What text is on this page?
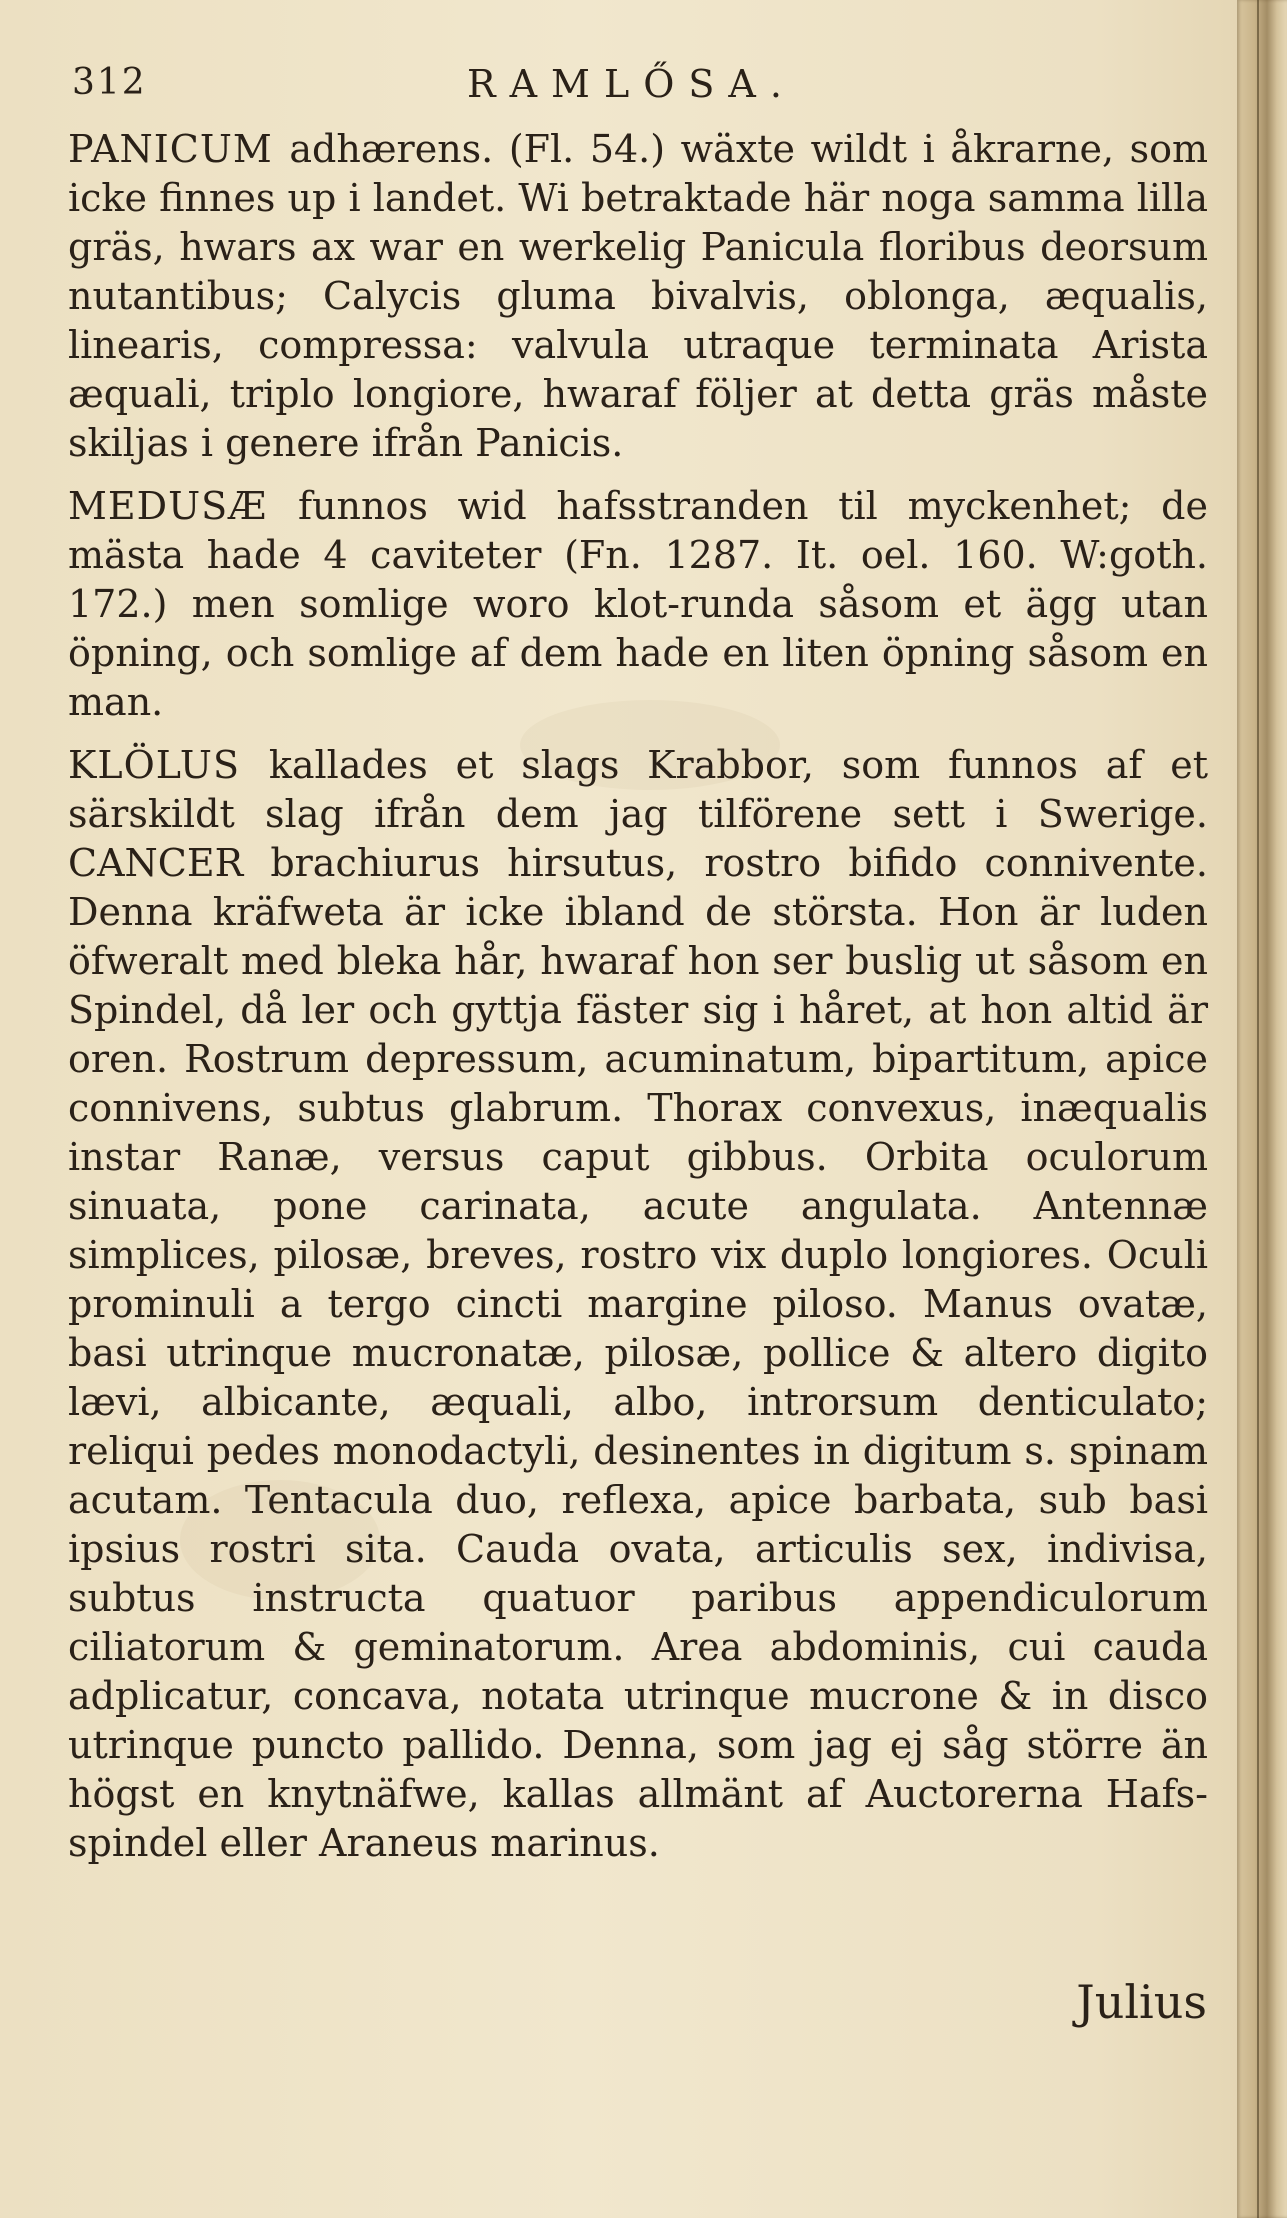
312	RAMLŐSA.

PANICUM adhærens. (Fl. 54.) wäxte wildt i åkrarne, som icke finnes up i landet. Wi betraktade här noga samma lilla gräs, hwars ax war en werkelig Panicula floribus deorsum nutantibus; Calycis gluma bivalvis, oblonga, æqualis, linearis, compressa: valvula utraque terminata Arista æquali, triplo longiore, hwaraf följer at detta gräs måste skiljas i genere ifrån Panicis.

MEDUSÆ funnos wid hafsstranden til myckenhet; de mästa hade 4 caviteter (Fn. 1287. It. oel. 160. W:goth. 172.) men somlige woro klot-runda såsom et ägg utan öpning, och somlige af dem hade en liten öpning såsom en man.

KLÖLUS kallades et slags Krabbor, som funnos af et särskildt slag ifrån dem jag tilförene sett i Swerige. CANCER brachiurus hirsutus, rostro bifido connivente. Denna kräfweta är icke ibland de största. Hon är luden öfweralt med bleka hår, hwaraf hon ser buslig ut såsom en Spindel, då ler och gyttja fäster sig i håret, at hon altid är oren. Rostrum depressum, acuminatum, bipartitum, apice connivens, subtus glabrum. Thorax convexus, inæqualis instar Ranæ, versus caput gibbus. Orbita oculorum sinuata, pone carinata, acute angulata. Antennæ simplices, pilosæ, breves, rostro vix duplo longiores. Oculi prominuli a tergo cincti margine piloso. Manus ovatæ, basi utrinque mucronatæ, pilosæ, pollice & altero digito lævi, albicante, æquali, albo, introrsum denticulato; reliqui pedes monodactyli, desinentes in digitum s. spinam acutam. Tentacula duo, reflexa, apice barbata, sub basi ipsius rostri sita. Cauda ovata, articulis sex, indivisa, subtus instructa quatuor paribus appendiculorum ciliatorum & geminatorum. Area abdominis, cui cauda adplicatur, concava, notata utrinque mucrone & in disco utrinque puncto pallido. Denna, som jag ej såg större än högst en knytnäfwe, kallas allmänt af Auctorerna Hafs-spindel eller Araneus marinus.

Julius
